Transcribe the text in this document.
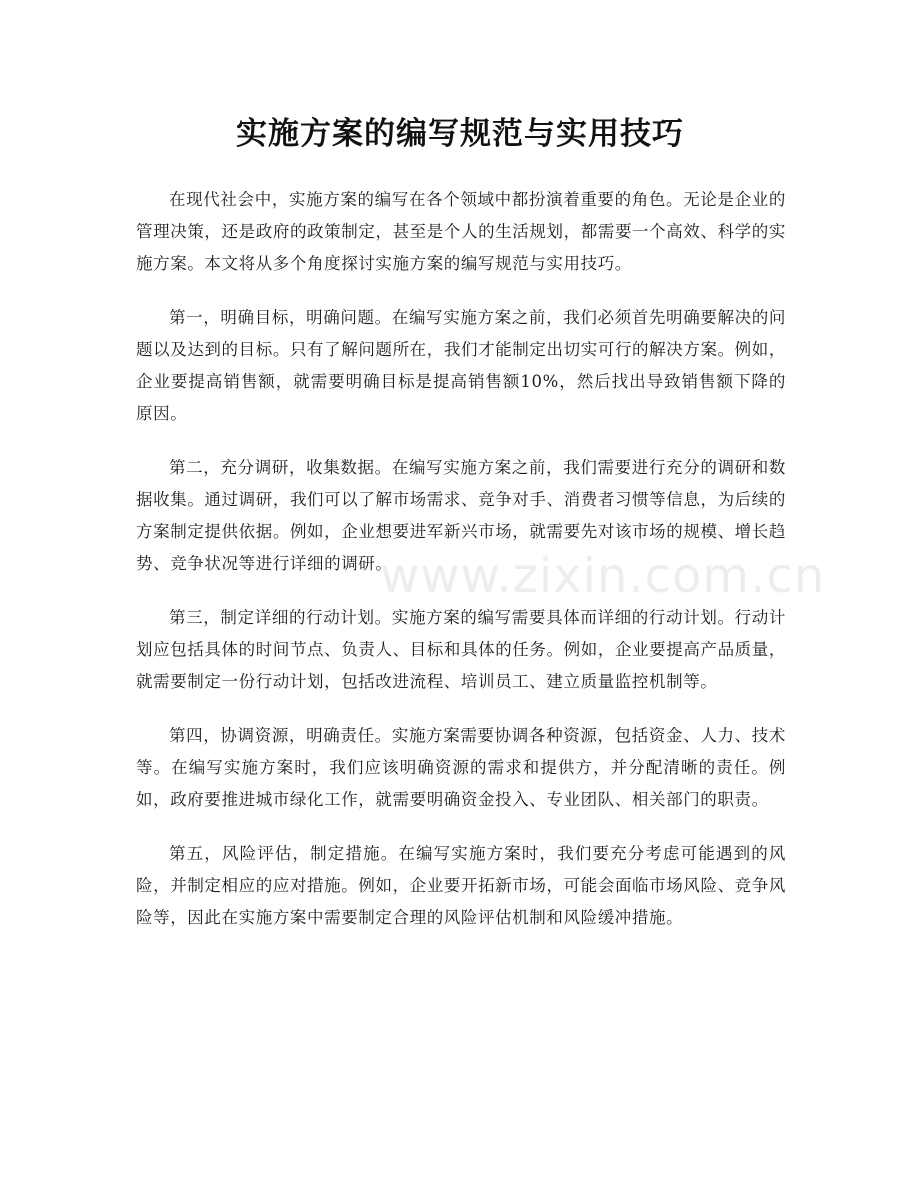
实施方案的编写规范与实用技巧

在现代社会中，实施方案的编写在各个领域中都扮演着重要的角色。无论是企业的管理决策，还是政府的政策制定，甚至是个人的生活规划，都需要一个高效、科学的实施方案。本文将从多个角度探讨实施方案的编写规范与实用技巧。

第一，明确目标，明确问题。在编写实施方案之前，我们必须首先明确要解决的问题以及达到的目标。只有了解问题所在，我们才能制定出切实可行的解决方案。例如，企业要提高销售额，就需要明确目标是提高销售额10%，然后找出导致销售额下降的原因。

第二，充分调研，收集数据。在编写实施方案之前，我们需要进行充分的调研和数据收集。通过调研，我们可以了解市场需求、竞争对手、消费者习惯等信息，为后续的方案制定提供依据。例如，企业想要进军新兴市场，就需要先对该市场的规模、增长趋势、竞争状况等进行详细的调研。

第三，制定详细的行动计划。实施方案的编写需要具体而详细的行动计划。行动计划应包括具体的时间节点、负责人、目标和具体的任务。例如，企业要提高产品质量，就需要制定一份行动计划，包括改进流程、培训员工、建立质量监控机制等。

第四，协调资源，明确责任。实施方案需要协调各种资源，包括资金、人力、技术等。在编写实施方案时，我们应该明确资源的需求和提供方，并分配清晰的责任。例如，政府要推进城市绿化工作，就需要明确资金投入、专业团队、相关部门的职责。

第五，风险评估，制定措施。在编写实施方案时，我们要充分考虑可能遇到的风险，并制定相应的应对措施。例如，企业要开拓新市场，可能会面临市场风险、竞争风险等，因此在实施方案中需要制定合理的风险评估机制和风险缓冲措施。

www.zixin.com.cn
